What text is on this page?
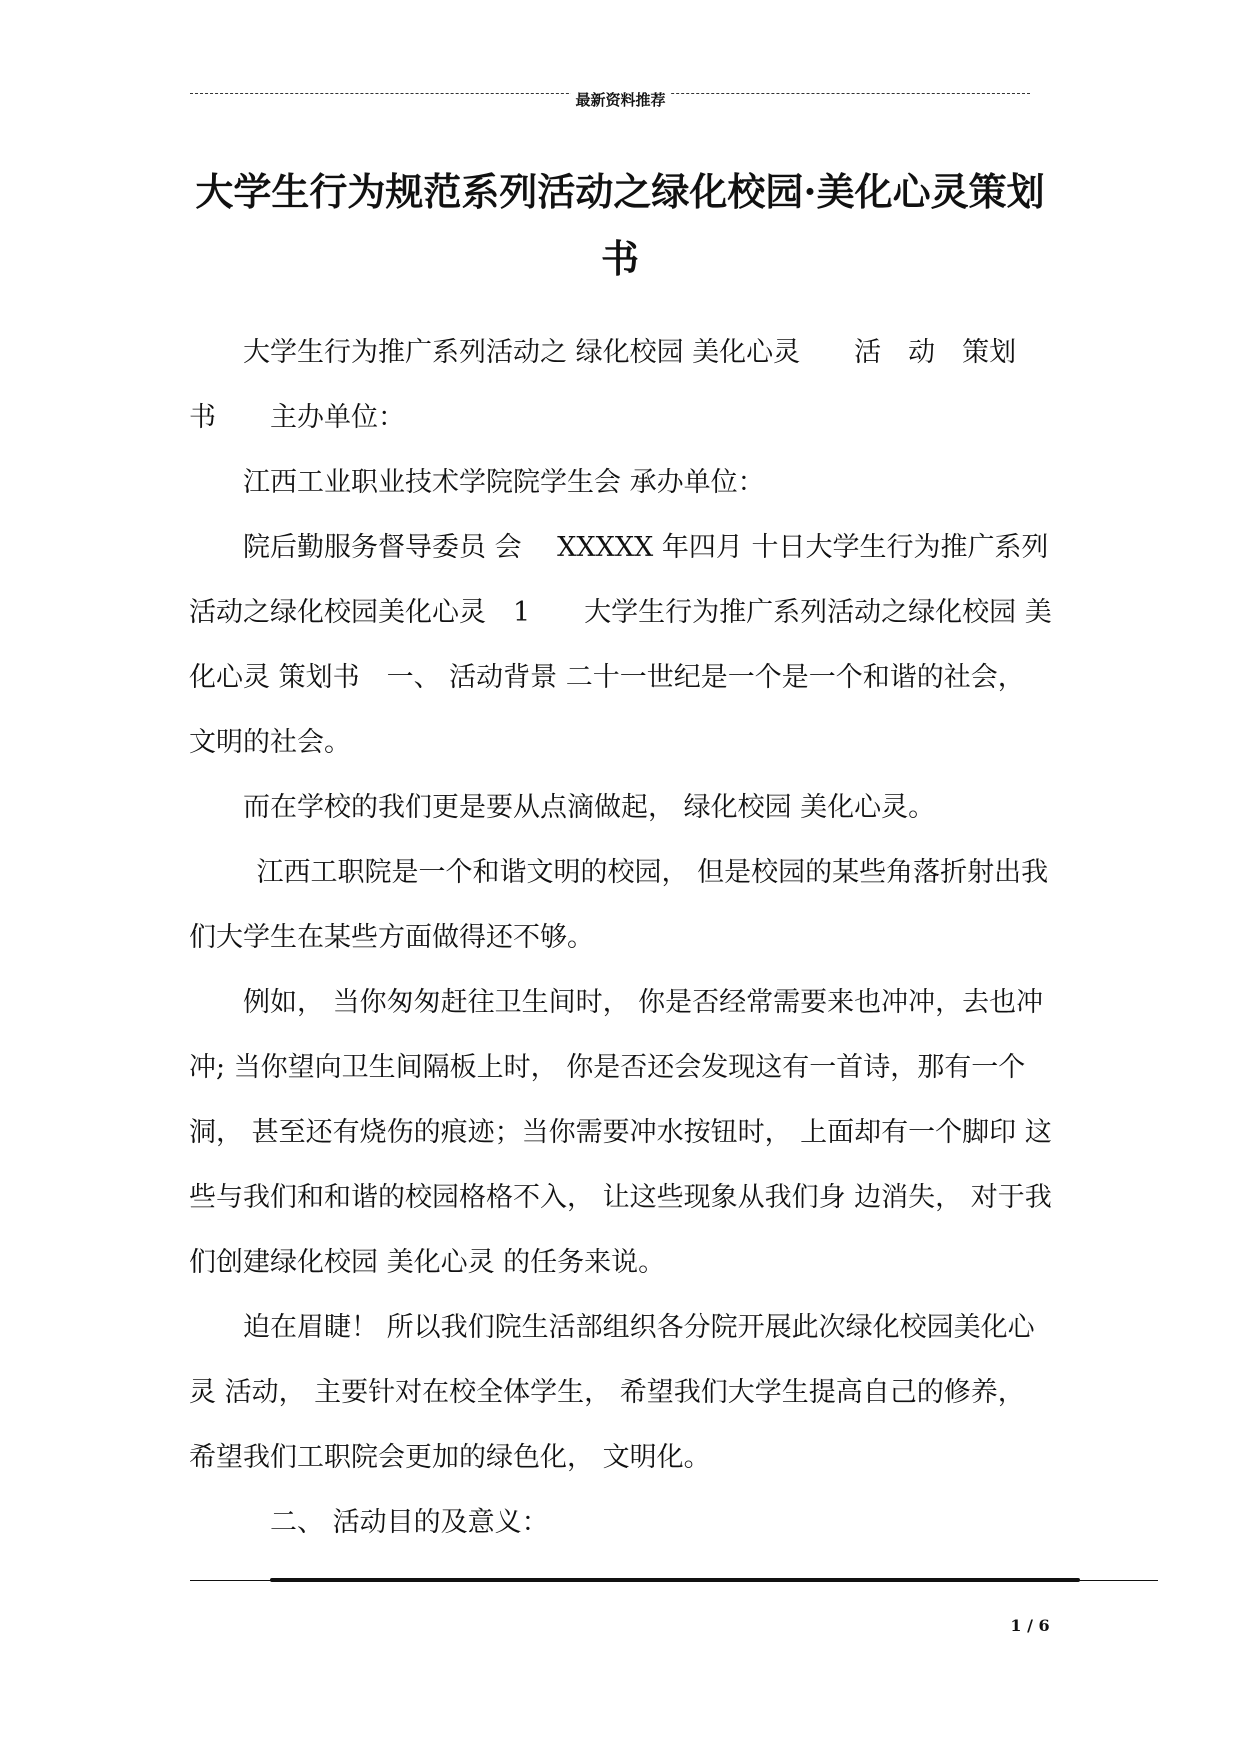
最新资料推荐
大学生行为规范系列活动之绿化校园·美化心灵策划书

大学生行为推广系列活动之 绿化校园 美化心灵　　活　动　策划　书　　主办单位：

江西工业职业技术学院院学生会 承办单位：

院后勤服务督导委员 会　 XXXXX 年四月 十日大学生行为推广系列活动之绿化校园美化心灵　1　　大学生行为推广系列活动之绿化校园 美化心灵 策划书　一、 活动背景 二十一世纪是一个是一个和谐的社会， 文明的社会。

而在学校的我们更是要从点滴做起， 绿化校园 美化心灵。

江西工职院是一个和谐文明的校园， 但是校园的某些角落折射出我们大学生在某些方面做得还不够。

例如， 当你匆匆赶往卫生间时， 你是否经常需要来也冲冲，去也冲冲; 当你望向卫生间隔板上时， 你是否还会发现这有一首诗，那有一个洞， 甚至还有烧伤的痕迹；当你需要冲水按钮时， 上面却有一个脚印 这些与我们和和谐的校园格格不入， 让这些现象从我们身 边消失， 对于我们创建绿化校园 美化心灵 的任务来说。

迫在眉睫！ 所以我们院生活部组织各分院开展此次绿化校园美化心灵 活动， 主要针对在校全体学生， 希望我们大学生提高自己的修养， 希望我们工职院会更加的绿色化， 文明化。

二、 活动目的及意义：

1 / 6
